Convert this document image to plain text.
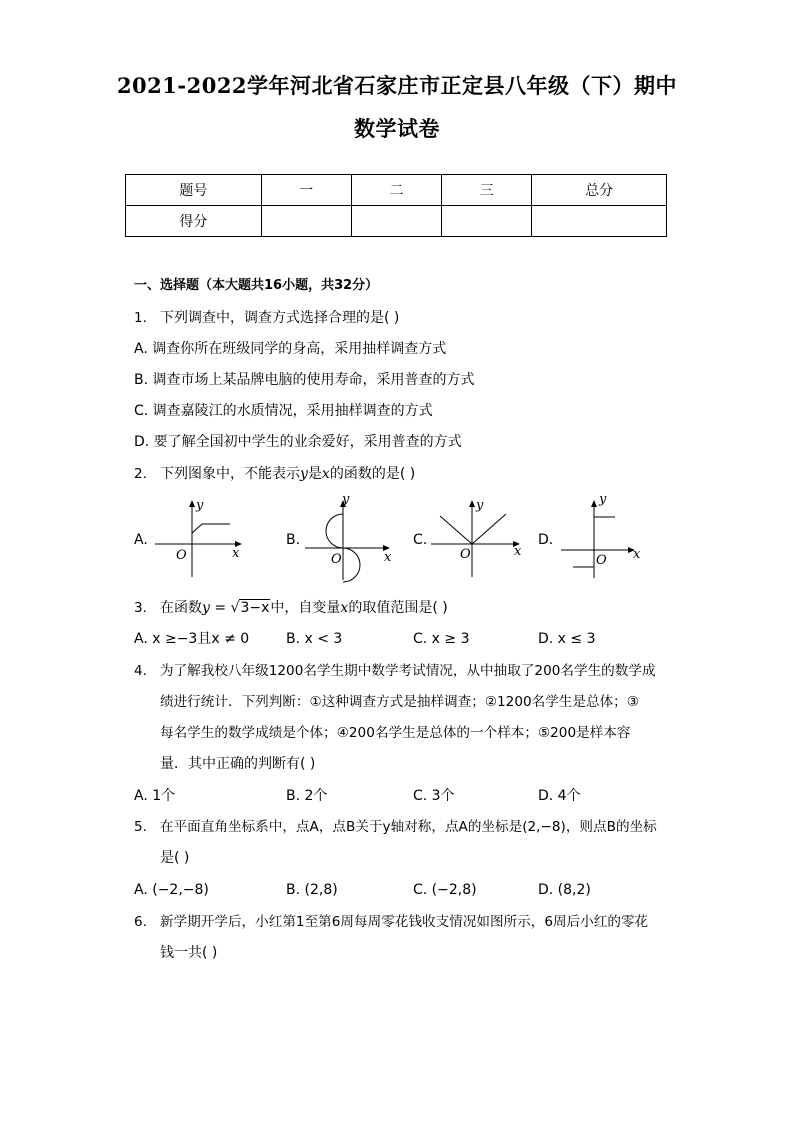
2021-2022学年河北省石家庄市正定县八年级（下）期中
数学试卷
题号	一	二	三	总分
得分				
一、选择题（本大题共16小题，共32分）
1. 下列调查中，调查方式选择合理的是( )
A. 调查你所在班级同学的身高，采用抽样调查方式
B. 调查市场上某品牌电脑的使用寿命，采用普查的方式
C. 调查嘉陵江的水质情况，采用抽样调查的方式
D. 要了解全国初中学生的业余爱好，采用普查的方式
2. 下列图象中，不能表示y是x的函数的是( )
A.	B.	C.	D.
y
x
O
y
x
O
y
x
O
y
x
O
3. 在函数y = √3−x中，自变量x的取值范围是( )
A. x ≥−3且x ≠ 0	B. x < 3	C. x ≥ 3	D. x ≤ 3
4. 为了解我校八年级1200名学生期中数学考试情况，从中抽取了200名学生的数学成
绩进行统计．下列判断：①这种调查方式是抽样调查；②1200名学生是总体；③
每名学生的数学成绩是个体；④200名学生是总体的一个样本；⑤200是样本容
量．其中正确的判断有( )
A. 1个	B. 2个	C. 3个	D. 4个
5. 在平面直角坐标系中，点A，点B关于y轴对称，点A的坐标是(2,−8)，则点B的坐标
是( )
A. (−2,−8)	B. (2,8)	C. (−2,8)	D. (8,2)
6. 新学期开学后，小红第1至第6周每周零花钱收支情况如图所示，6周后小红的零花
钱一共( )
